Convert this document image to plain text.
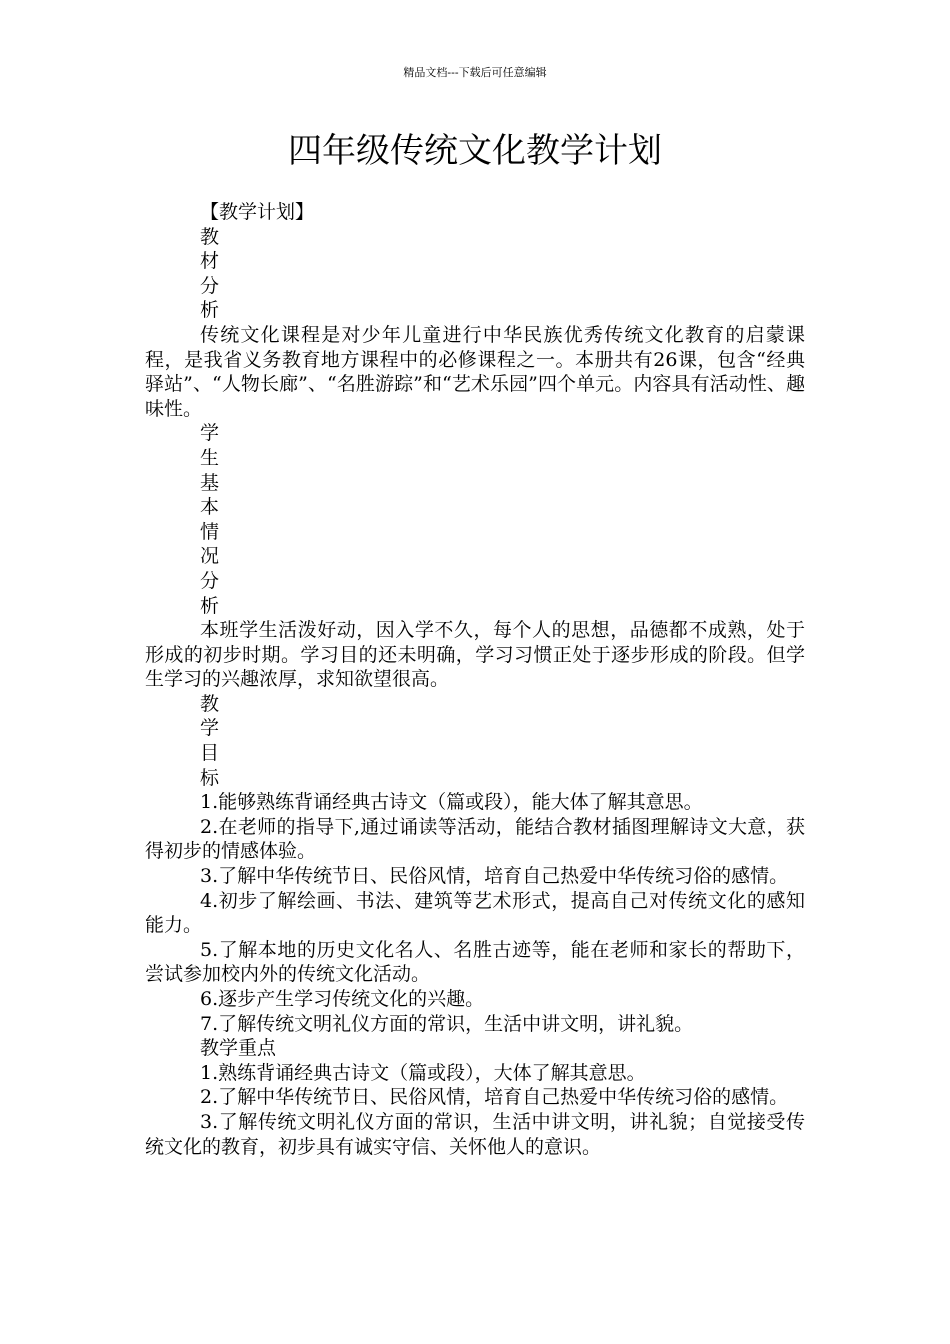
精品文档---下载后可任意编辑
四年级传统文化教学计划

【教学计划】

教
材
分
析

传统文化课程是对少年儿童进行中华民族优秀传统文化教育的启蒙课程，是我省义务教育地方课程中的必修课程之一。本册共有26课，包含“经典驿站”、“人物长廊”、“名胜游踪”和“艺术乐园”四个单元。内容具有活动性、趣味性。

学
生
基
本
情
况
分
析

本班学生活泼好动，因入学不久，每个人的思想，品德都不成熟，处于形成的初步时期。学习目的还未明确，学习习惯正处于逐步形成的阶段。但学生学习的兴趣浓厚，求知欲望很高。

教
学
目
标

1.能够熟练背诵经典古诗文（篇或段），能大体了解其意思。

2.在老师的指导下,通过诵读等活动，能结合教材插图理解诗文大意，获得初步的情感体验。

3.了解中华传统节日、民俗风情，培育自己热爱中华传统习俗的感情。

4.初步了解绘画、书法、建筑等艺术形式，提高自己对传统文化的感知能力。

5.了解本地的历史文化名人、名胜古迹等，能在老师和家长的帮助下，尝试参加校内外的传统文化活动。

6.逐步产生学习传统文化的兴趣。

7.了解传统文明礼仪方面的常识，生活中讲文明，讲礼貌。

教学重点

1.熟练背诵经典古诗文（篇或段），大体了解其意思。

2.了解中华传统节日、民俗风情，培育自己热爱中华传统习俗的感情。

3.了解传统文明礼仪方面的常识，生活中讲文明，讲礼貌；自觉接受传统文化的教育，初步具有诚实守信、关怀他人的意识。
